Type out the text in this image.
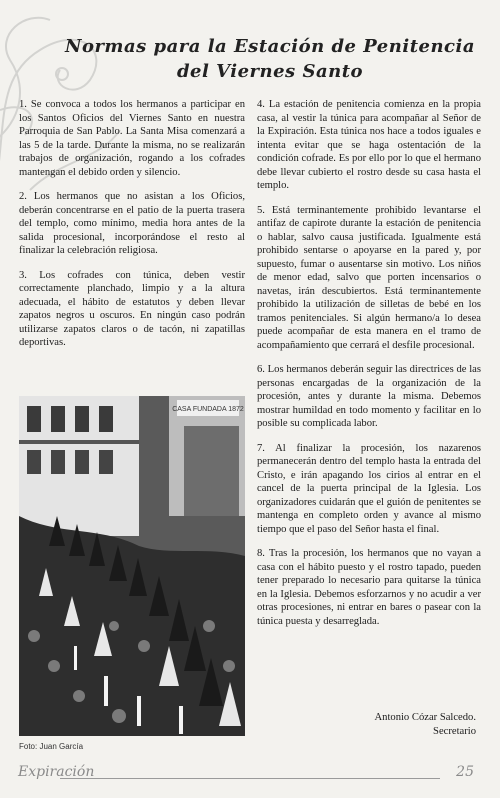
Normas para la Estación de Penitencia
del Viernes Santo

1. Se convoca a todos los hermanos a participar en los Santos Oficios del Viernes Santo en nuestra Parroquia de San Pablo. La Santa Misa comenzará a las 5 de la tarde. Durante la misma, no se realizarán trabajos de organización, rogando a los cofrades mantengan el debido orden y silencio.

2. Los hermanos que no asistan a los Oficios, deberán concentrarse en el patio de la puerta trasera del templo, como mínimo, media hora antes de la salida procesional, incorporándose el resto al finalizar la celebración religiosa.

3. Los cofrades con túnica, deben vestir correctamente planchado, limpio y a la altura adecuada, el hábito de estatutos y deben llevar zapatos negros u oscuros. En ningún caso podrán utilizarse zapatos claros o de tacón, ni zapatillas deportivas.

CASA FUNDADA 1872
Foto: Juan García

4. La estación de penitencia comienza en la propia casa, al vestir la túnica para acompañar al Señor de la Expiración. Esta túnica nos hace a todos iguales e intenta evitar que se haga ostentación de la condición cofrade. Es por ello por lo que el hermano debe llevar cubierto el rostro desde su casa hasta el templo.

5. Está terminantemente prohibido levantarse el antifaz de capirote durante la estación de penitencia o hablar, salvo causa justificada. Igualmente está prohibido sentarse o apoyarse en la pared y, por supuesto, fumar o ausentarse sin motivo. Los niños de menor edad, salvo que porten incensarios o navetas, irán descubiertos. Está terminantemente prohibido la utilización de silletas de bebé en los tramos penitenciales. Si algún hermano/a lo desea puede acompañar de esta manera en el tramo de acompañamiento que cerrará el desfile procesional.

6. Los hermanos deberán seguir las directrices de las personas encargadas de la organización de la procesión, antes y durante la misma. Debemos mostrar humildad en todo momento y facilitar en lo posible su complicada labor.

7. Al finalizar la procesión, los nazarenos permanecerán dentro del templo hasta la entrada del Cristo, e irán apagando los cirios al entrar en el cancel de la puerta principal de la Iglesia. Los organizadores cuidarán que el guión de penitentes se mantenga en completo orden y avance al mismo tiempo que el paso del Señor hasta el final.

8. Tras la procesión, los hermanos que no vayan a casa con el hábito puesto y el rostro tapado, pueden tener preparado lo necesario para quitarse la túnica en la Iglesia. Debemos esforzarnos y no acudir a ver otras procesiones, ni entrar en bares o pasear con la túnica puesta y desarreglada.

Antonio Cózar Salcedo.
Secretario
Expiración	25
